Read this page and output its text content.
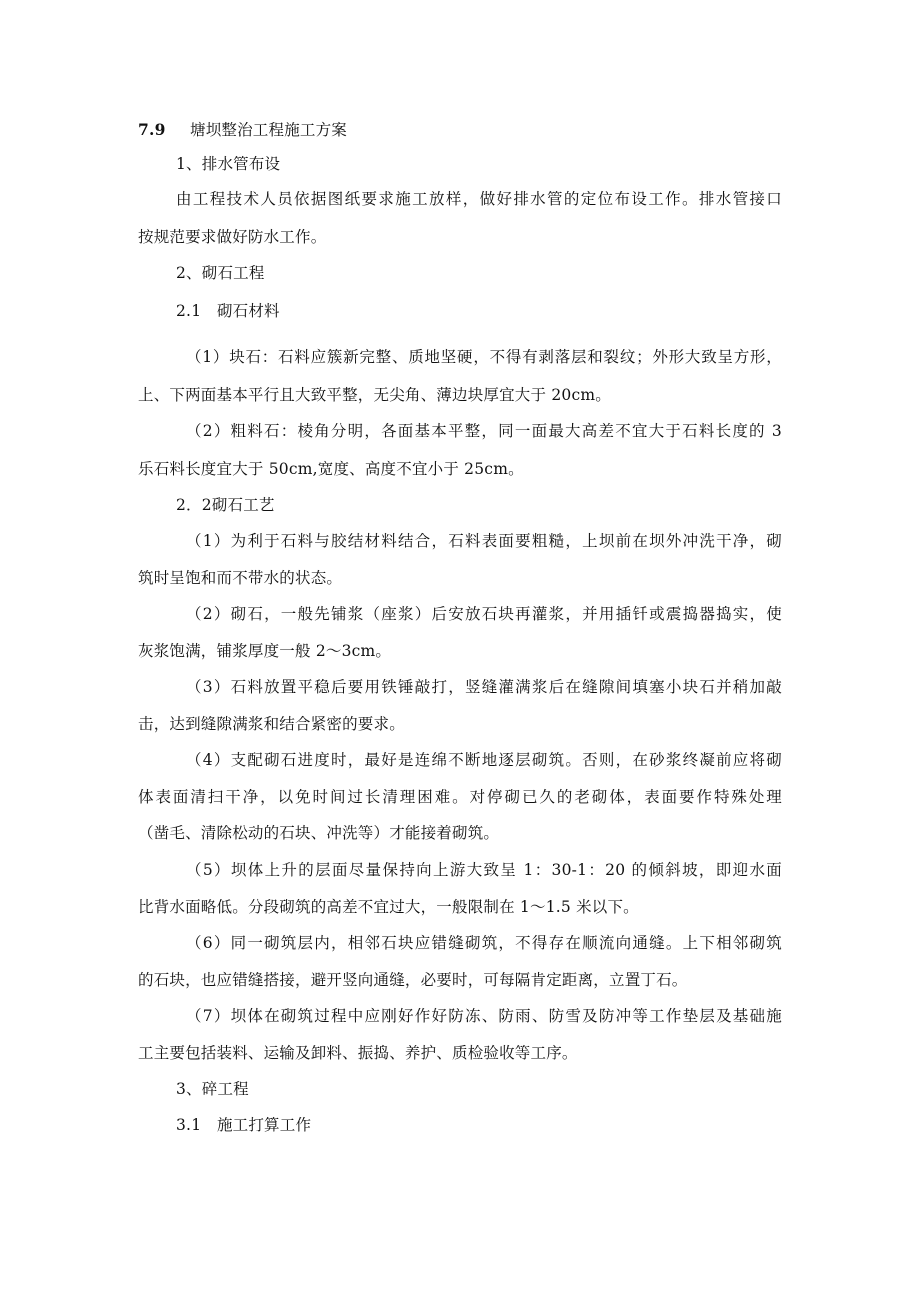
7.9 塘坝整治工程施工方案

1、排水管布设

由工程技术人员依据图纸要求施工放样，做好排水管的定位布设工作。排水管接口

按规范要求做好防水工作。

2、砌石工程

2.1　砌石材料

（1）块石：石料应簇新完整、质地坚硬，不得有剥落层和裂纹；外形大致呈方形，

上、下两面基本平行且大致平整，无尖角、薄边块厚宜大于 20cm。

（2）粗料石：棱角分明，各面基本平整，同一面最大高差不宜大于石料长度的 3

乐石料长度宜大于 50cm,宽度、高度不宜小于 25cm。

2．2砌石工艺

（1）为利于石料与胶结材料结合，石料表面要粗糙，上坝前在坝外冲洗干净，砌

筑时呈饱和而不带水的状态。

（2）砌石，一般先铺浆（座浆）后安放石块再灌浆，并用插钎或震捣器捣实，使

灰浆饱满，铺浆厚度一般 2～3cm。

（3）石料放置平稳后要用铁锤敲打，竖缝灌满浆后在缝隙间填塞小块石并稍加敲

击，达到缝隙满浆和结合紧密的要求。

（4）支配砌石进度时，最好是连绵不断地逐层砌筑。否则，在砂浆终凝前应将砌

体表面清扫干净，以免时间过长清理困难。对停砌已久的老砌体，表面要作特殊处理

（凿毛、清除松动的石块、冲洗等）才能接着砌筑。

（5）坝体上升的层面尽量保持向上游大致呈 1：30-1：20 的倾斜坡，即迎水面

比背水面略低。分段砌筑的高差不宜过大，一般限制在 1～1.5 米以下。

（6）同一砌筑层内，相邻石块应错缝砌筑，不得存在顺流向通缝。上下相邻砌筑

的石块，也应错缝搭接，避开竖向通缝，必要时，可每隔肯定距离，立置丁石。

（7）坝体在砌筑过程中应刚好作好防冻、防雨、防雪及防冲等工作垫层及基础施

工主要包括装料、运输及卸料、振捣、养护、质检验收等工序。

3、碎工程

3.1　施工打算工作
